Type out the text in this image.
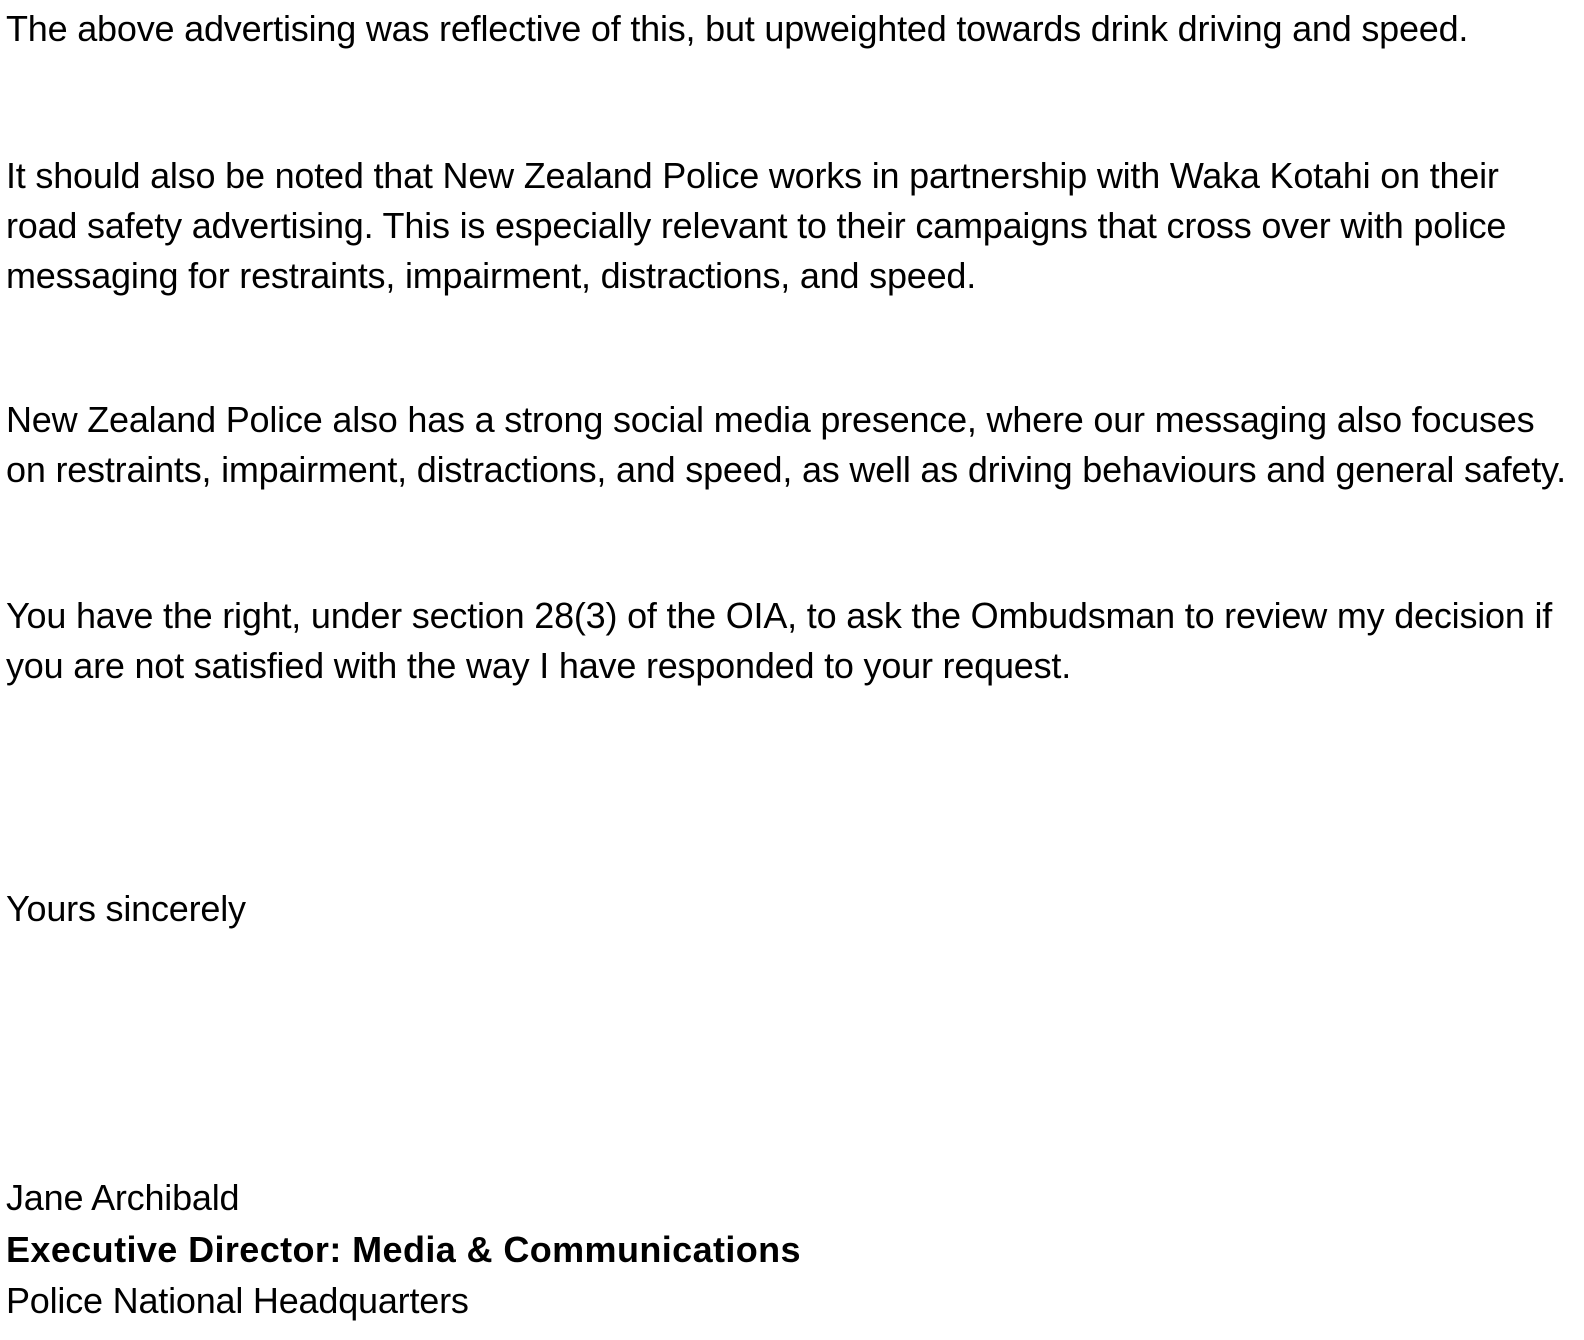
The above advertising was reflective of this, but upweighted towards drink driving and speed.

It should also be noted that New Zealand Police works in partnership with Waka Kotahi on their road safety advertising. This is especially relevant to their campaigns that cross over with police messaging for restraints, impairment, distractions, and speed.

New Zealand Police also has a strong social media presence, where our messaging also focuses on restraints, impairment, distractions, and speed, as well as driving behaviours and general safety.

You have the right, under section 28(3) of the OIA, to ask the Ombudsman to review my decision if you are not satisfied with the way I have responded to your request.

Yours sincerely

Jane Archibald

Executive Director: Media & Communications

Police National Headquarters
